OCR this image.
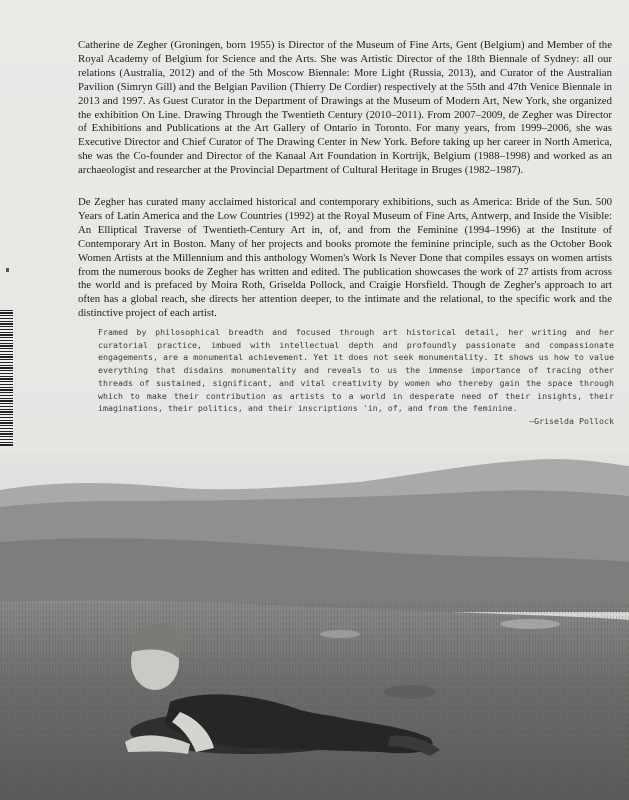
Catherine de Zegher (Groningen, born 1955) is Director of the Museum of Fine Arts, Gent (Belgium) and Member of the Royal Academy of Belgium for Science and the Arts. She was Artistic Director of the 18th Biennale of Sydney: all our relations (Australia, 2012) and of the 5th Moscow Biennale: More Light (Russia, 2013), and Curator of the Australian Pavilion (Simryn Gill) and the Belgian Pavilion (Thierry De Cordier) respectively at the 55th and 47th Venice Biennale in 2013 and 1997. As Guest Curator in the Department of Drawings at the Museum of Modern Art, New York, she organized the exhibition On Line. Drawing Through the Twentieth Century (2010–2011). From 2007–2009, de Zegher was Director of Exhibitions and Publications at the Art Gallery of Ontario in Toronto. For many years, from 1999–2006, she was Executive Director and Chief Curator of The Drawing Center in New York. Before taking up her career in North America, she was the Co-founder and Director of the Kanaal Art Foundation in Kortrijk, Belgium (1988–1998) and worked as an archaeologist and researcher at the Provincial Department of Cultural Heritage in Bruges (1982–1987).

De Zegher has curated many acclaimed historical and contemporary exhibitions, such as America: Bride of the Sun. 500 Years of Latin America and the Low Countries (1992) at the Royal Museum of Fine Arts, Antwerp, and Inside the Visible: An Elliptical Traverse of Twentieth-Century Art in, of, and from the Feminine (1994–1996) at the Institute of Contemporary Art in Boston. Many of her projects and books promote the feminine principle, such as the October Book Women Artists at the Millennium and this anthology Women's Work Is Never Done that compiles essays on women artists from the numerous books de Zegher has written and edited. The publication showcases the work of 27 artists from across the world and is prefaced by Moira Roth, Griselda Pollock, and Craigie Horsfield. Though de Zegher's approach to art often has a global reach, she directs her attention deeper, to the intimate and the relational, to the specific work and the distinctive project of each artist.

Framed by philosophical breadth and focused through art historical detail, her writing and her curatorial practice, imbued with intellectual depth and profoundly passionate and compassionate engagements, are a monumental achievement. Yet it does not seek monumentality. It shows us how to value everything that disdains monumentality and reveals to us the immense importance of tracing other threads of sustained, significant, and vital creativity by women who thereby gain the space through which to make their contribution as artists to a world in desperate need of their insights, their imaginations, their politics, and their inscriptions 'in, of, and from the feminine.
—Griselda Pollock
